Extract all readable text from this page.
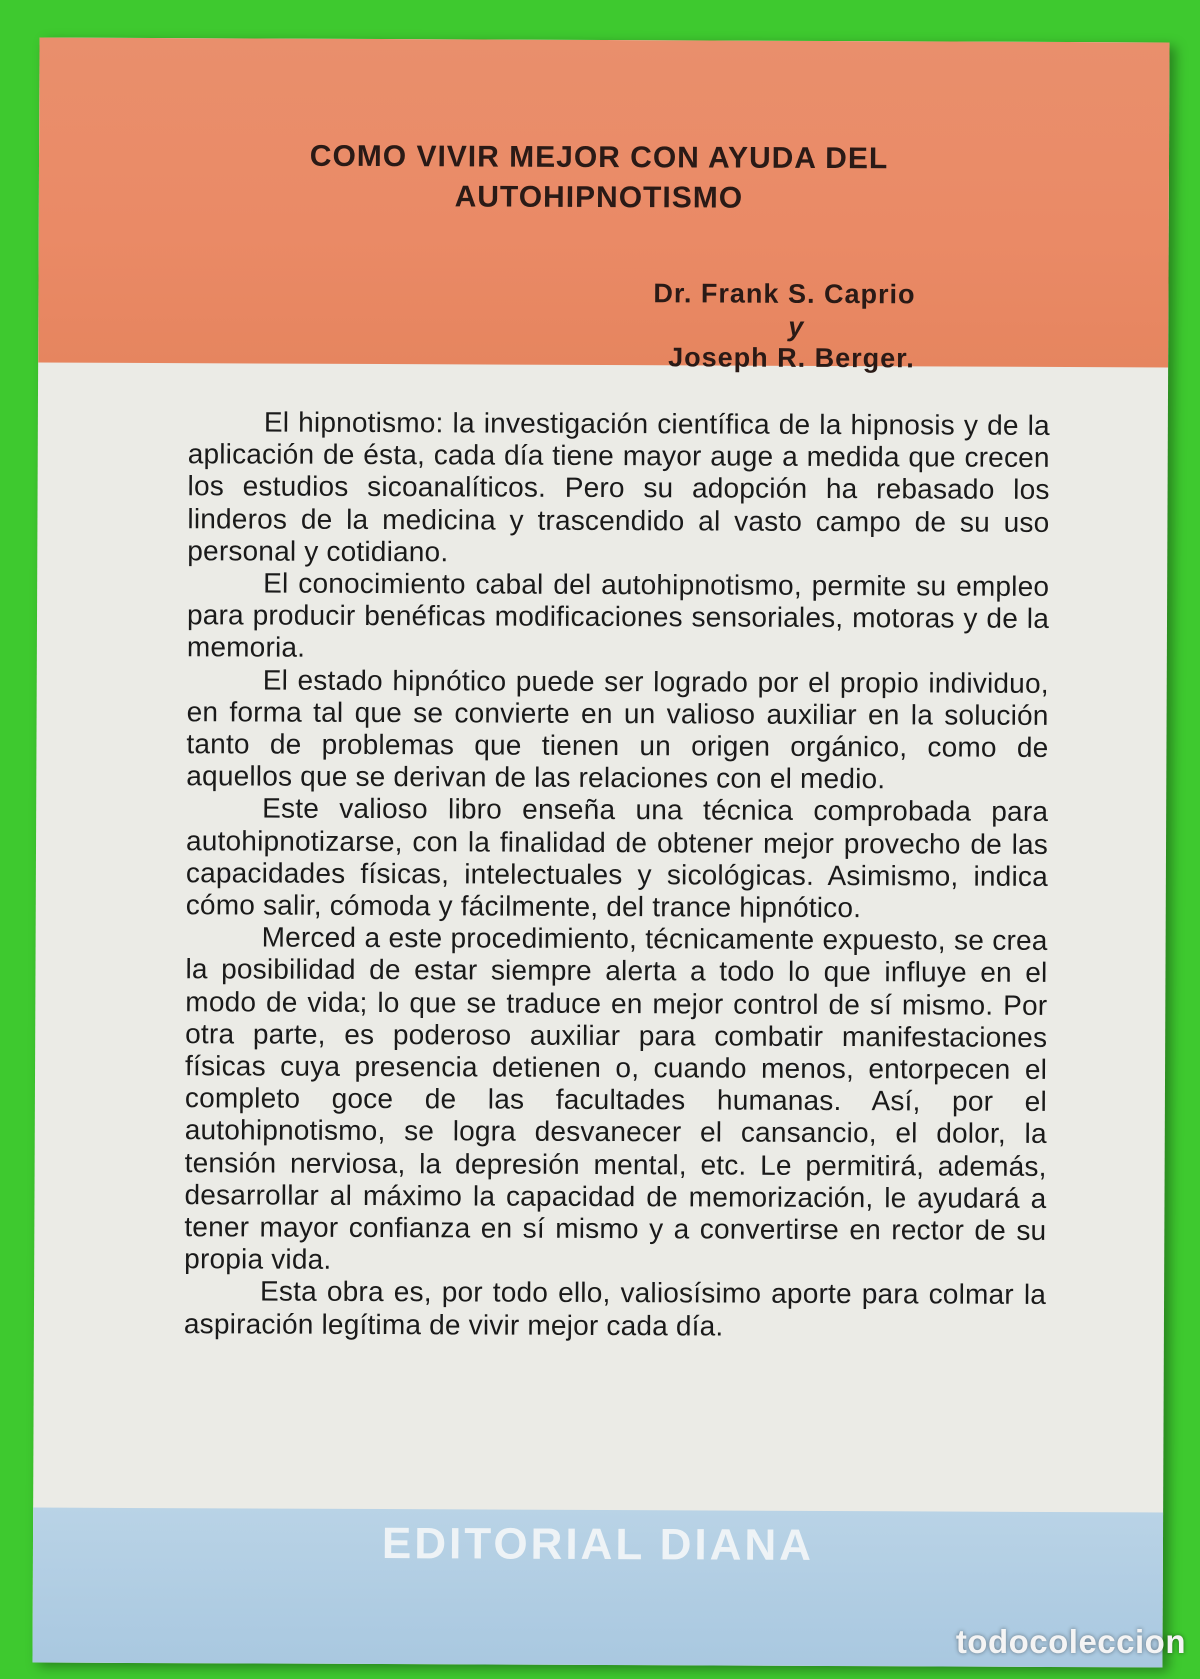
COMO VIVIR MEJOR CON AYUDA DEL
AUTOHIPNOTISMO
Dr. Frank S. Caprio
y
Joseph R. Berger.

El hipnotismo: la investigación científica de la hipnosis y de la aplicación de ésta, cada día tiene mayor auge a medida que crecen los estudios sicoanalíticos. Pero su adopción ha rebasado los linderos de la medicina y trascendido al vasto campo de su uso personal y cotidiano.

El conocimiento cabal del autohipnotismo, permite su empleo para producir benéficas modificaciones sensoriales, motoras y de la memoria.

El estado hipnótico puede ser logrado por el propio individuo, en forma tal que se convierte en un valioso auxiliar en la solución tanto de problemas que tienen un origen orgánico, como de aquellos que se derivan de las relaciones con el medio.

Este valioso libro enseña una técnica comprobada para autohipnotizarse, con la finalidad de obtener mejor provecho de las capacidades físicas, intelectuales y sicológicas. Asimismo, indica cómo salir, cómoda y fácilmente, del trance hipnótico.

Merced a este procedimiento, técnicamente expuesto, se crea la posibilidad de estar siempre alerta a todo lo que influye en el modo de vida; lo que se traduce en mejor control de sí mismo. Por otra parte, es poderoso auxiliar para combatir manifestaciones físicas cuya presencia detienen o, cuando menos, entorpecen el completo goce de las facultades humanas. Así, por el autohipnotismo, se logra desvanecer el cansancio, el dolor, la tensión nerviosa, la depresión mental, etc. Le permitirá, además, desarrollar al máximo la capacidad de memorización, le ayudará a tener mayor confianza en sí mismo y a convertirse en rector de su propia vida.

Esta obra es, por todo ello, valiosísimo aporte para colmar la aspiración legítima de vivir mejor cada día.

EDITORIAL DIANA
todocoleccion
